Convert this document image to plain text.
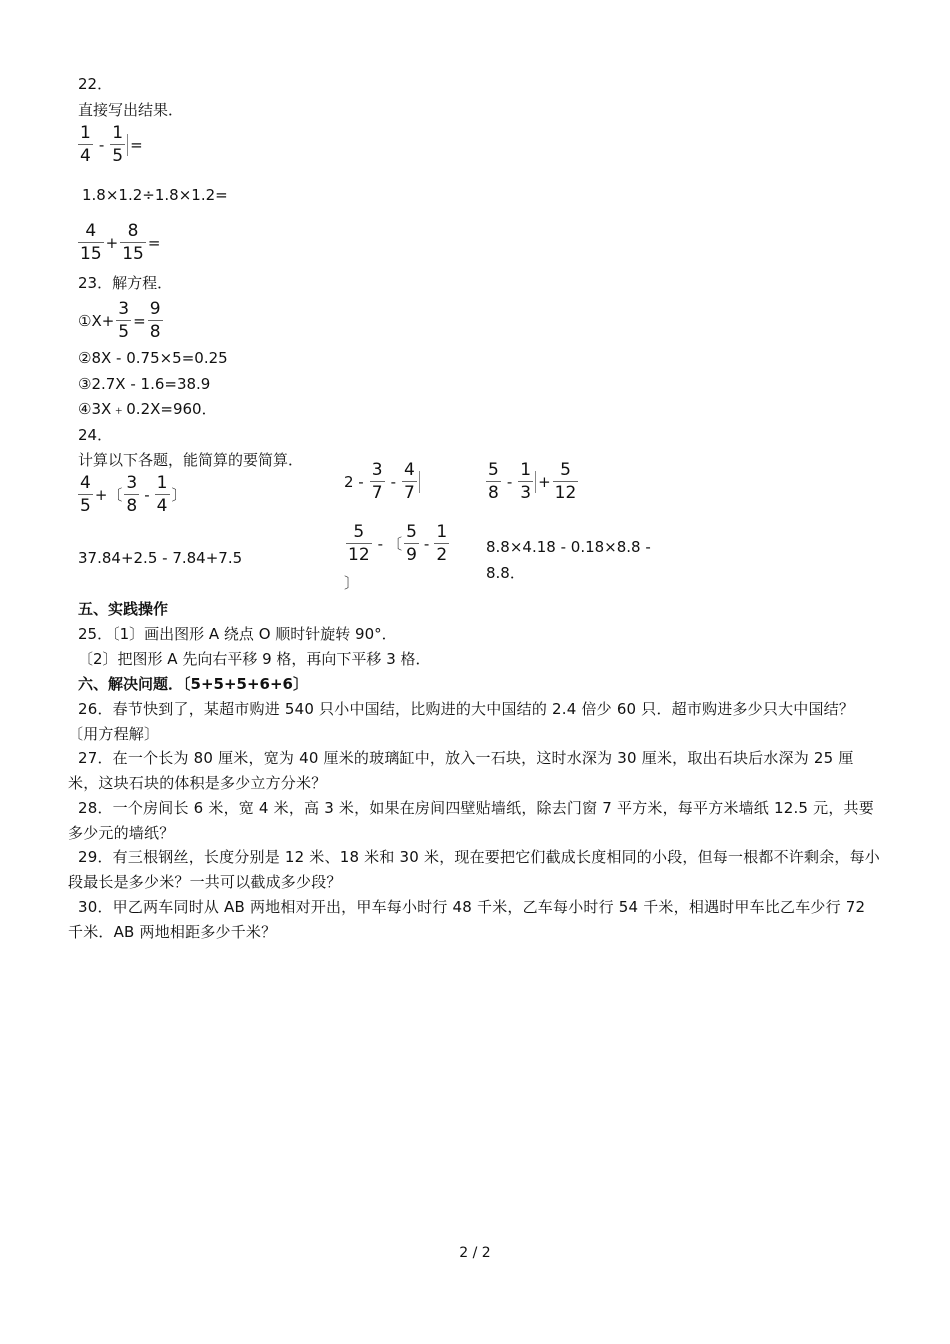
22．
直接写出结果．
$\frac{1}{4} - \frac{1}{5}$ =
1.8×1.2÷1.8×1.2=
$\frac{4}{15} + \frac{8}{15}$ =
23．解方程．
①X+ $\frac{3}{5} = \frac{9}{8}$
②8X - 0.75×5=0.25
③2.7X - 1.6=38.9
④3X﹢0.2X=960．
24．
计算以下各题，能简算的要简算．
$\frac{4}{5}$ + 〔 $\frac{3}{8} - \frac{1}{4}$ 〕
$2 - \frac{3}{7} - \frac{4}{7}$	$\frac{5}{8} - \frac{1}{3} + \frac{5}{12}$
37.84+2.5 - 7.84+7.5	$\frac{5}{12}$ - 〔 $\frac{5}{9} - \frac{1}{2}$
〕
8.8×4.18 - 0.18×8.8 -
8.8．
五、实践操作
25．〔1〕画出图形 A 绕点 O 顺时针旋转 90°．
〔2〕把图形 A 先向右平移 9 格，再向下平移 3 格．
六、解决问题．〔5+5+5+6+6〕
26．春节快到了，某超市购进 540 只小中国结，比购进的大中国结的 2.4 倍少 60 只．超市购进多少只大中国结？〔用方程解〕
27．在一个长为 80 厘米，宽为 40 厘米的玻璃缸中，放入一石块，这时水深为 30 厘米，取出石块后水深为 25 厘米，这块石块的体积是多少立方分米？
28．一个房间长 6 米，宽 4 米，高 3 米，如果在房间四壁贴墙纸，除去门窗 7 平方米，每平方米墙纸 12.5 元，共要多少元的墙纸？
29．有三根钢丝，长度分别是 12 米、18 米和 30 米，现在要把它们截成长度相同的小段，但每一根都不许剩余，每小段最长是多少米？一共可以截成多少段？
30．甲乙两车同时从 AB 两地相对开出，甲车每小时行 48 千米，乙车每小时行 54 千米，相遇时甲车比乙车少行 72 千米．AB 两地相距多少千米？
2 / 2
